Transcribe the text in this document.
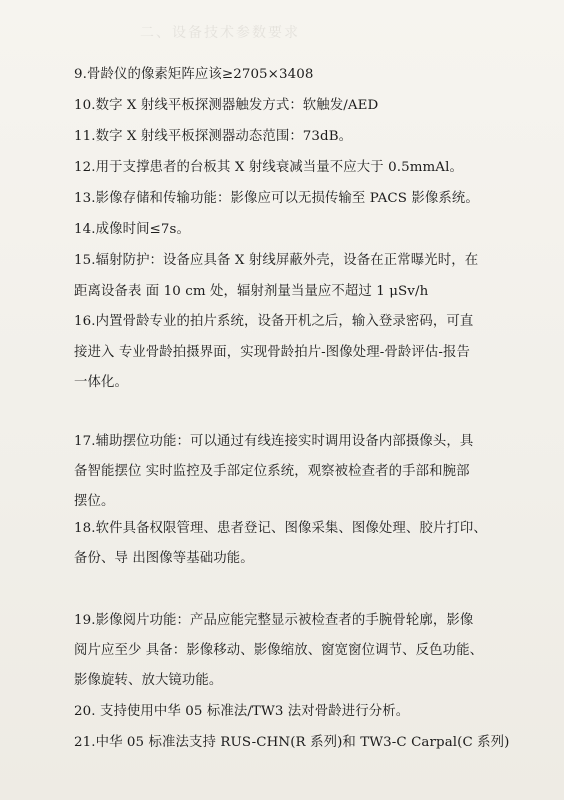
二、设备技术参数要求
9.骨龄仪的像素矩阵应该≥2705×3408
10.数字 X 射线平板探测器触发方式：软触发/AED
11.数字 X 射线平板探测器动态范围：73dB。
12.用于支撑患者的台板其 X 射线衰减当量不应大于 0.5mmAl。
13.影像存储和传输功能：影像应可以无损传输至 PACS 影像系统。
14.成像时间≤7s。
15.辐射防护：设备应具备 X 射线屏蔽外壳，设备在正常曝光时，在
距离设备表 面 10 cm 处，辐射剂量当量应不超过 1 μSv/h
16.内置骨龄专业的拍片系统，设备开机之后，输入登录密码，可直
接进入 专业骨龄拍摄界面，实现骨龄拍片-图像处理-骨龄评估-报告
一体化。
17.辅助摆位功能：可以通过有线连接实时调用设备内部摄像头，具
备智能摆位 实时监控及手部定位系统，观察被检查者的手部和腕部
摆位。
18.软件具备权限管理、患者登记、图像采集、图像处理、胶片打印、
备份、导 出图像等基础功能。
19.影像阅片功能：产品应能完整显示被检查者的手腕骨轮廓，影像
阅片应至少 具备：影像移动、影像缩放、窗宽窗位调节、反色功能、
影像旋转、放大镜功能。
20. 支持使用中华 05 标准法/TW3 法对骨龄进行分析。
21.中华 05 标准法支持 RUS-CHN(R 系列)和 TW3-C Carpal(C 系列)
